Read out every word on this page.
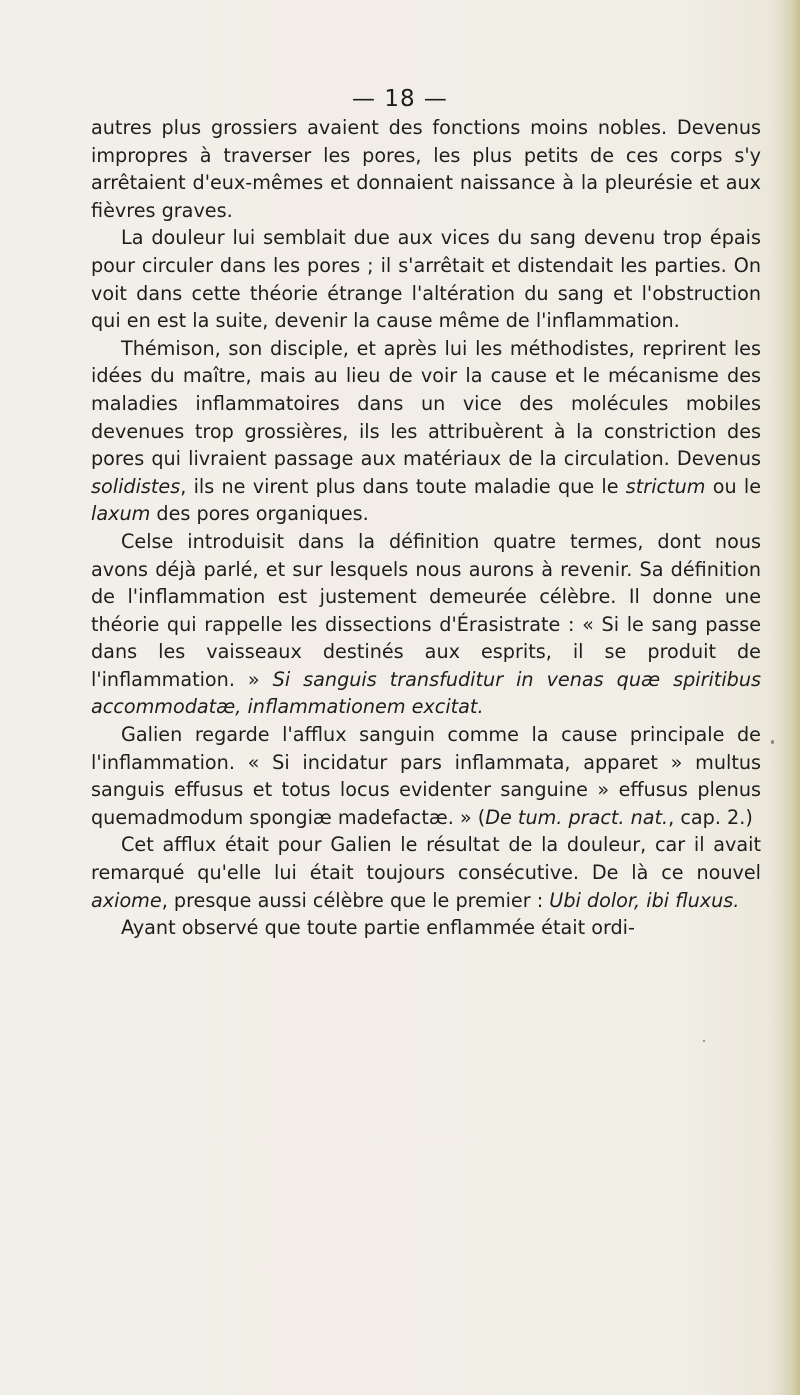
— 18 —

autres plus grossiers avaient des fonctions moins nobles. Devenus impropres à traverser les pores, les plus petits de ces corps s'y arrêtaient d'eux-mêmes et donnaient naissance à la pleurésie et aux fièvres graves.

La douleur lui semblait due aux vices du sang devenu trop épais pour circuler dans les pores ; il s'arrêtait et distendait les parties. On voit dans cette théorie étrange l'altération du sang et l'obstruction qui en est la suite, devenir la cause même de l'inflammation.

Thémison, son disciple, et après lui les méthodistes, reprirent les idées du maître, mais au lieu de voir la cause et le mécanisme des maladies inflammatoires dans un vice des molécules mobiles devenues trop grossières, ils les attribuèrent à la constriction des pores qui livraient passage aux matériaux de la circulation. Devenus solidistes, ils ne virent plus dans toute maladie que le strictum ou le laxum des pores organiques.

Celse introduisit dans la définition quatre termes, dont nous avons déjà parlé, et sur lesquels nous aurons à revenir. Sa définition de l'inflammation est justement demeurée célèbre. Il donne une théorie qui rappelle les dissections d'Érasistrate : « Si le sang passe dans les vaisseaux destinés aux esprits, il se produit de l'inflammation. » Si sanguis transfuditur in venas quæ spiritibus accommodatæ, inflammationem excitat.

Galien regarde l'afflux sanguin comme la cause principale de l'inflammation. « Si incidatur pars inflammata, apparet » multus sanguis effusus et totus locus evidenter sanguine » effusus plenus quemadmodum spongiæ madefactæ. » (De tum. pract. nat., cap. 2.)

Cet afflux était pour Galien le résultat de la douleur, car il avait remarqué qu'elle lui était toujours consécutive. De là ce nouvel axiome, presque aussi célèbre que le premier : Ubi dolor, ibi fluxus.

Ayant observé que toute partie enflammée était ordi-
